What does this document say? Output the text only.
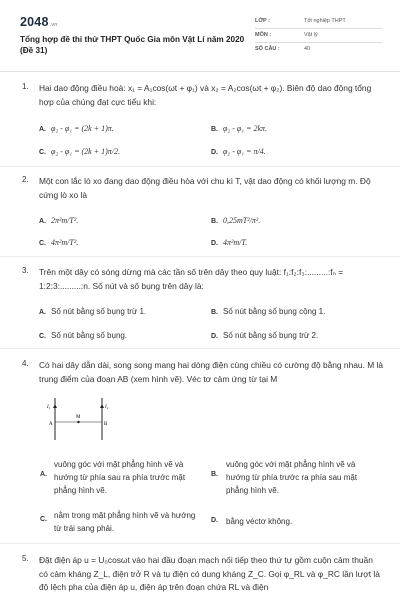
2048.vn
Tổng hợp đề thi thử THPT Quốc Gia môn Vật Lí năm 2020
(Đề 31)
LỚP :	Tốt nghiệp THPT
MÔN :	Vật lý
SỐ CÂU :	40
1. Hai dao động điều hoà: x₁ = A₁cos(ωt + φ₁) và x₂ = A₂cos(ωt + φ₂). Biên độ dao động tổng hợp của chúng đạt cực tiểu khi:
A. φ₂ - φ₁ = (2k + 1)π.	B. φ₂ - φ₁ = 2kπ.
C. φ₂ - φ₁ = (2k + 1)π/2.	D. φ₂ - φ₁ = π/4.
2. Một con lắc lò xo đang dao động điều hòa với chu kì T, vật dao động có khối lượng m. Độ cứng lò xo là
A. 2π²m/T².	B. 0,25mT²/π².
C. 4π²m/T².	D. 4π²m/T.
3. Trên một dây có sóng dừng mà các tần số trên dây theo quy luật: f₁:f₂:f₃:.........:fₙ = 1:2:3:.........:n. Số nút và số bụng trên dây là:
A. Số nút bằng số bụng trừ 1.	B. Số nút bằng số bụng cộng 1.
C. Số nút bằng số bụng.	D. Số nút bằng số bụng trừ 2.
4. Có hai dây dẫn dài, song song mang hai dòng điện cùng chiều có cường độ bằng nhau. M là trung điểm của đoạn AB (xem hình vẽ). Véc tơ cảm ứng từ tại M
I₁	I₂
A
M
B
A.
vuông góc với mặt phẳng hình vẽ và hướng từ phía sau ra phía trước mặt phẳng hình vẽ.
B.
vuông góc với mặt phẳng hình vẽ và hướng từ phía trước ra phía sau mặt phẳng hình vẽ.
C. nằm trong mặt phẳng hình vẽ và hướng từ trái sang phải.
D. bằng véctơ không.
5. Đặt điện áp u = U₀cosωt vào hai đầu đoạn mạch nối tiếp theo thứ tự gồm cuộn cảm thuần có cảm kháng Z_L, điện trở R và tụ điện có dung kháng Z_C. Gọi φ_RL và φ_RC lần lượt là độ lệch pha của điện áp u, điện áp trên đoạn chứa RL và điện
